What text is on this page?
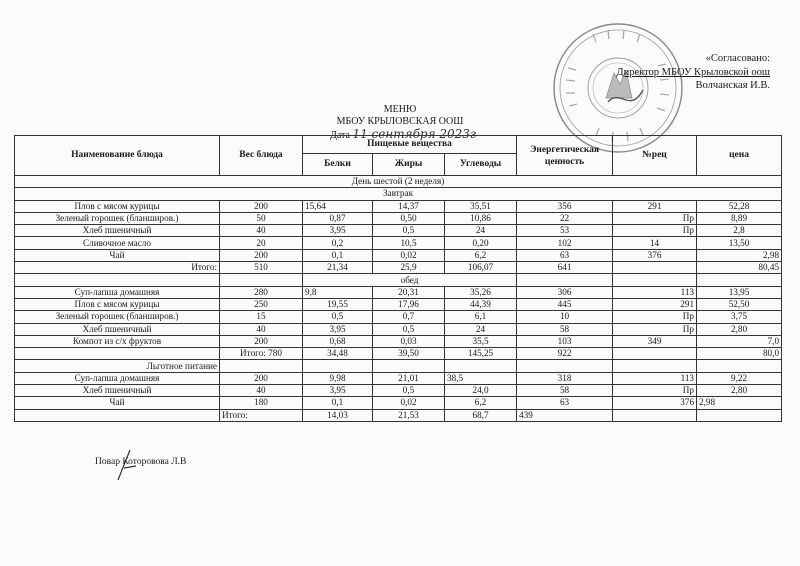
«Согласовано:
Директор МБОУ Крыловской оош
Волчанская И.В.
МЕНЮ
МБОУ КРЫЛОВСКАЯ ООШ
Дата 11 сентября 2023г
Наименование блюда	Вес блюда	Пищевые вещества			Энергетическая ценность	№рец	цена
		Белки	Жиры	Углеводы			
День шестой (2 неделя)							
Завтрак							
Плов с мясом курицы	200	15,64	14,37	35,51	356	291	52,28
Зеленый горошек (бланширов.)	50	0,87	0,50	10,86	22	Пр	8,89
Хлеб пшеничный	40	3,95	0,5	24	53	Пр	2,8
Сливочное масло	20	0,2	10,5	0,20	102	14	13,50
Чай	200	0,1	0,02	6,2	63	376	2,98
Итого:	510	21,34	25,9	106,07	641		80,45
		обед					
Суп-лапша домашняя	280	9,8	20,31	35,26	306	113	13,95
Плов с мясом курицы	250	19,55	17,96	44,39	445	291	52,50
Зеленый горошек (бланширов.)	15	0,5	0,7	6,1	10	Пр	3,75
Хлеб пшеничный	40	3,95	0,5	24	58	Пр	2,80
Компот из с/х фруктов	200	0,68	0,03	35,5	103	349	7,0
	Итого: 780	34,48	39,50	145,25	922		80,0
Льготное питание							
Суп-лапша домашняя	200	9,98	21,01	38,5	318	113	9,22
Хлеб пшеничный	40	3,95	0,5	24,0	58	Пр	2,80
Чай	180	0,1	0,02	6,2	63	376	2,98
	Итого:	14,03	21,53	68,7	439		
Повар Которовова Л.В
